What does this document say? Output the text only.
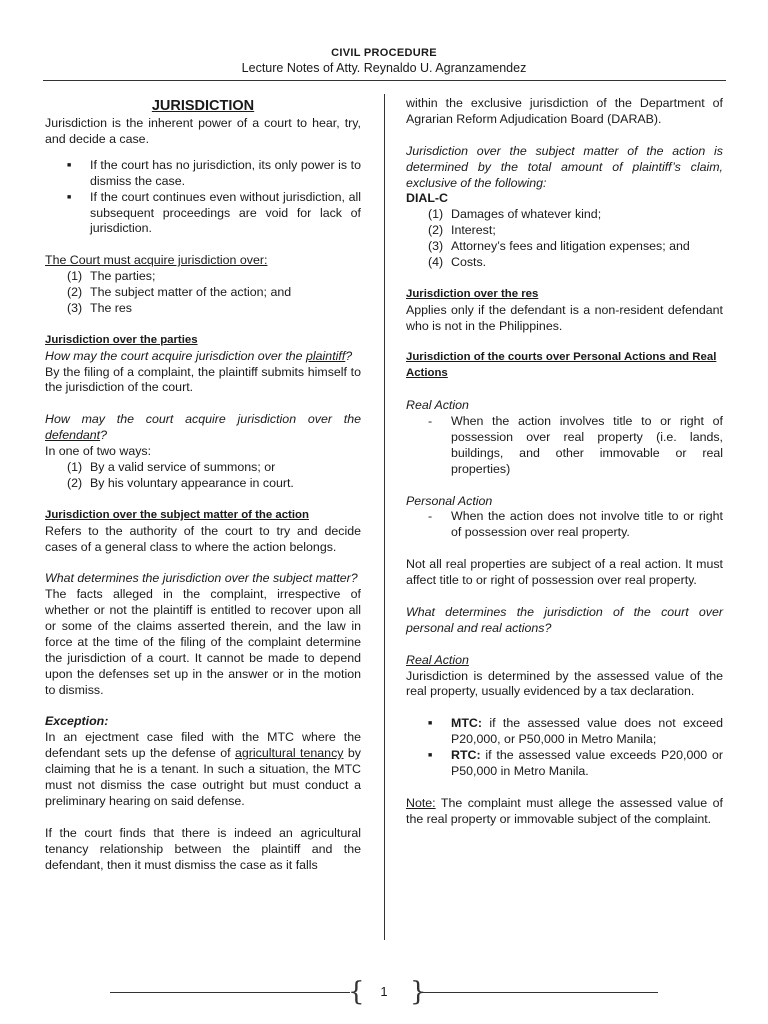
CIVIL PROCEDURE
Lecture Notes of Atty. Reynaldo U. Agranzamendez

JURISDICTION

Jurisdiction is the inherent power of a court to hear, try, and decide a case.

■ If the court has no jurisdiction, its only power is to dismiss the case.
■ If the court continues even without jurisdiction, all subsequent proceedings are void for lack of jurisdiction.

The Court must acquire jurisdiction over:

(1) The parties;
(2) The subject matter of the action; and
(3) The res

Jurisdiction over the parties

How may the court acquire jurisdiction over the plaintiff?

By the filing of a complaint, the plaintiff submits himself to the jurisdiction of the court.

How may the court acquire jurisdiction over the defendant?

In one of two ways:

(1) By a valid service of summons; or
(2) By his voluntary appearance in court.

Jurisdiction over the subject matter of the action

Refers to the authority of the court to try and decide cases of a general class to where the action belongs.

What determines the jurisdiction over the subject matter?

The facts alleged in the complaint, irrespective of whether or not the plaintiff is entitled to recover upon all or some of the claims asserted therein, and the law in force at the time of the filing of the complaint determine the jurisdiction of a court. It cannot be made to depend upon the defenses set up in the answer or in the motion to dismiss.

Exception:

In an ejectment case filed with the MTC where the defendant sets up the defense of agricultural tenancy by claiming that he is a tenant. In such a situation, the MTC must not dismiss the case outright but must conduct a preliminary hearing on said defense.

If the court finds that there is indeed an agricultural tenancy relationship between the plaintiff and the defendant, then it must dismiss the case as it falls

within the exclusive jurisdiction of the Department of Agrarian Reform Adjudication Board (DARAB).

Jurisdiction over the subject matter of the action is determined by the total amount of plaintiff’s claim, exclusive of the following:

DIAL-C

(1) Damages of whatever kind;
(2) Interest;
(3) Attorney’s fees and litigation expenses; and
(4) Costs.

Jurisdiction over the res

Applies only if the defendant is a non-resident defendant who is not in the Philippines.

Jurisdiction of the courts over Personal Actions and Real Actions

Real Action

- When the action involves title to or right of possession over real property (i.e. lands, buildings, and other immovable or real properties)

Personal Action

- When the action does not involve title to or right of possession over real property.

Not all real properties are subject of a real action. It must affect title to or right of possession over real property.

What determines the jurisdiction of the court over personal and real actions?

Real Action

Jurisdiction is determined by the assessed value of the real property, usually evidenced by a tax declaration.

■ MTC: if the assessed value does not exceed P20,000, or P50,000 in Metro Manila;
■ RTC: if the assessed value exceeds P20,000 or P50,000 in Metro Manila.

Note: The complaint must allege the assessed value of the real property or immovable subject of the complaint.

{	1 }
